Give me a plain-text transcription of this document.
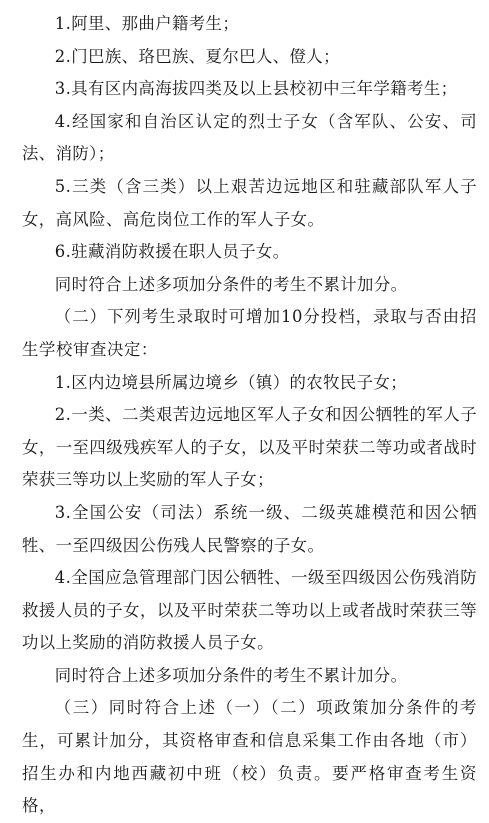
1.阿里、那曲户籍考生；

2.门巴族、珞巴族、夏尔巴人、僜人；

3.具有区内高海拔四类及以上县校初中三年学籍考生；

4.经国家和自治区认定的烈士子女（含军队、公安、司法、消防）；

5.三类（含三类）以上艰苦边远地区和驻藏部队军人子女，高风险、高危岗位工作的军人子女。

6.驻藏消防救援在职人员子女。

同时符合上述多项加分条件的考生不累计加分。

（二）下列考生录取时可增加10分投档，录取与否由招生学校审查决定：

1.区内边境县所属边境乡（镇）的农牧民子女；

2.一类、二类艰苦边远地区军人子女和因公牺牲的军人子女，一至四级残疾军人的子女，以及平时荣获二等功或者战时荣获三等功以上奖励的军人子女；

3.全国公安（司法）系统一级、二级英雄模范和因公牺牲、一至四级因公伤残人民警察的子女。

4.全国应急管理部门因公牺牲、一级至四级因公伤残消防救援人员的子女，以及平时荣获二等功以上或者战时荣获三等功以上奖励的消防救援人员子女。

同时符合上述多项加分条件的考生不累计加分。

（三）同时符合上述（一）（二）项政策加分条件的考生，可累计加分，其资格审查和信息采集工作由各地（市）招生办和内地西藏初中班（校）负责。要严格审查考生资格，
